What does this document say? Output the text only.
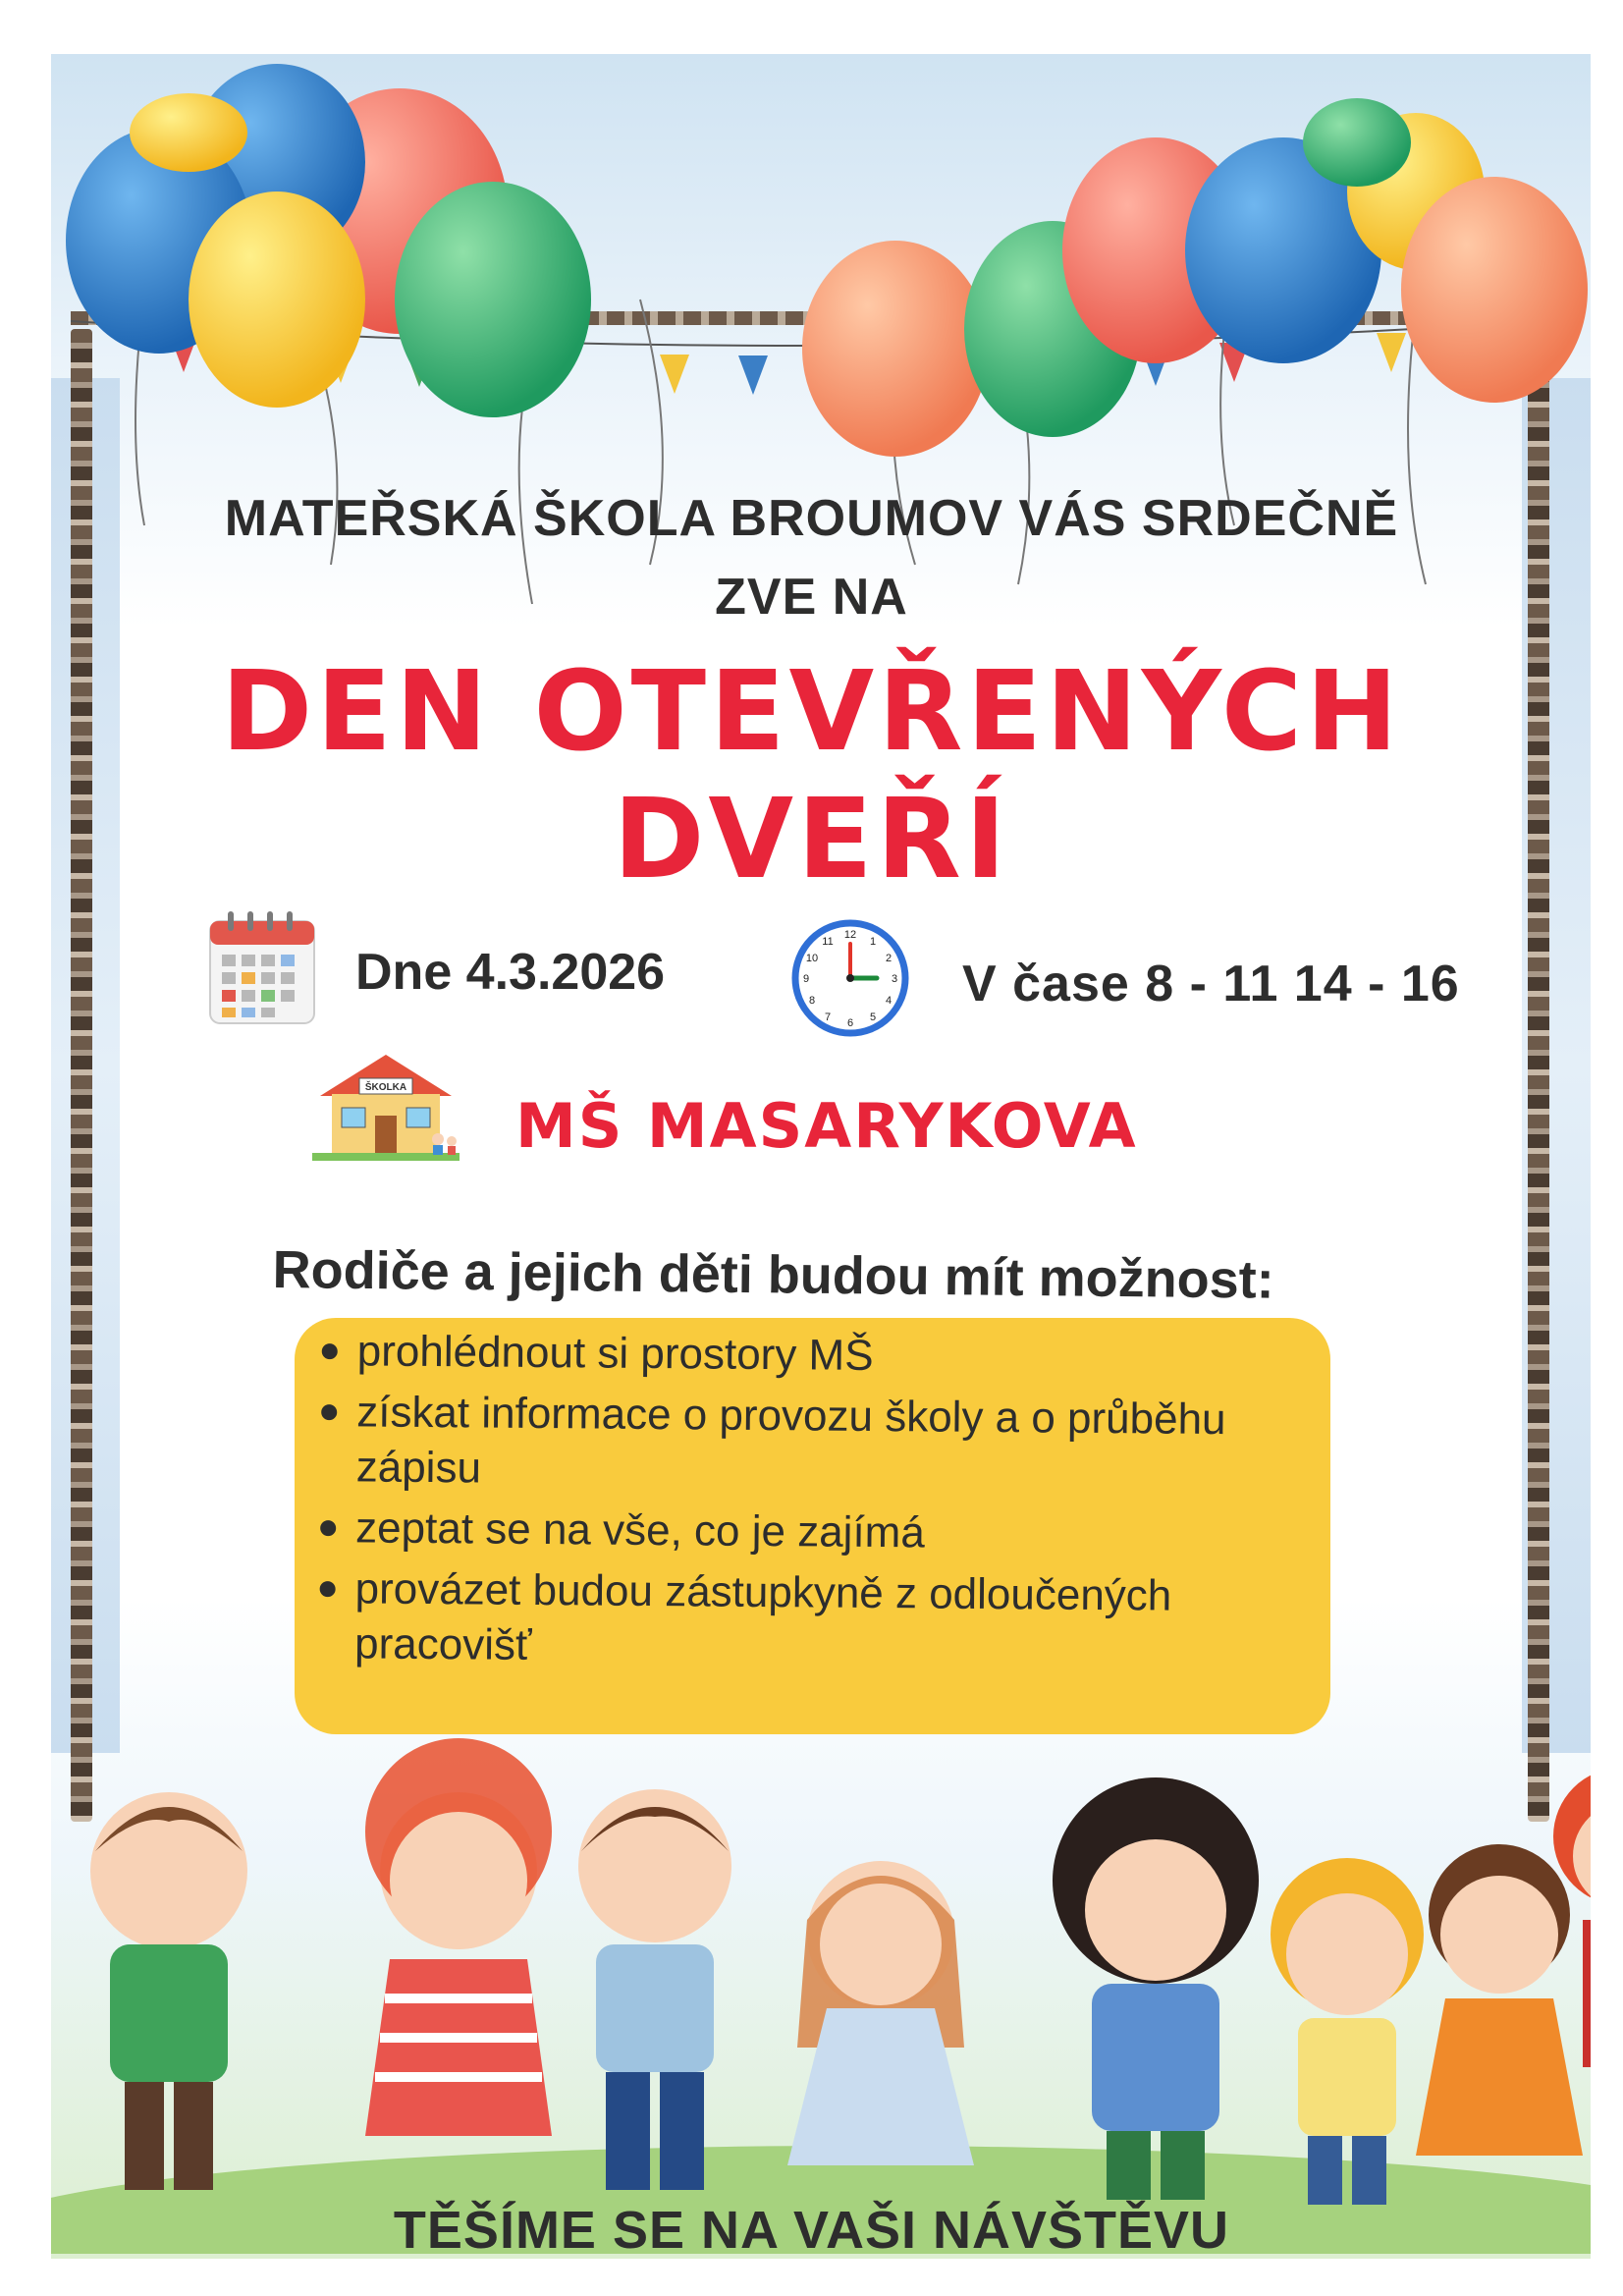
MATEŘSKÁ ŠKOLA BROUMOV VÁS SRDEČNĚ
ZVE NA
DEN OTEVŘENÝCH
DVEŘÍ
Dne 4.3.2026
12
1
2
3
4
5
6
7
8
9
10
11
V čase 8 - 11 14 - 16
ŠKOLKA
MŠ MASARYKOVA
Rodiče a jejich děti budou mít možnost:
prohlédnout si prostory MŠ
získat informace o provozu školy a o průběhu zápisu
zeptat se na vše, co je zajímá
provázet budou zástupkyně z odloučených pracovišť
TĚŠÍME SE NA VAŠI NÁVŠTĚVU
